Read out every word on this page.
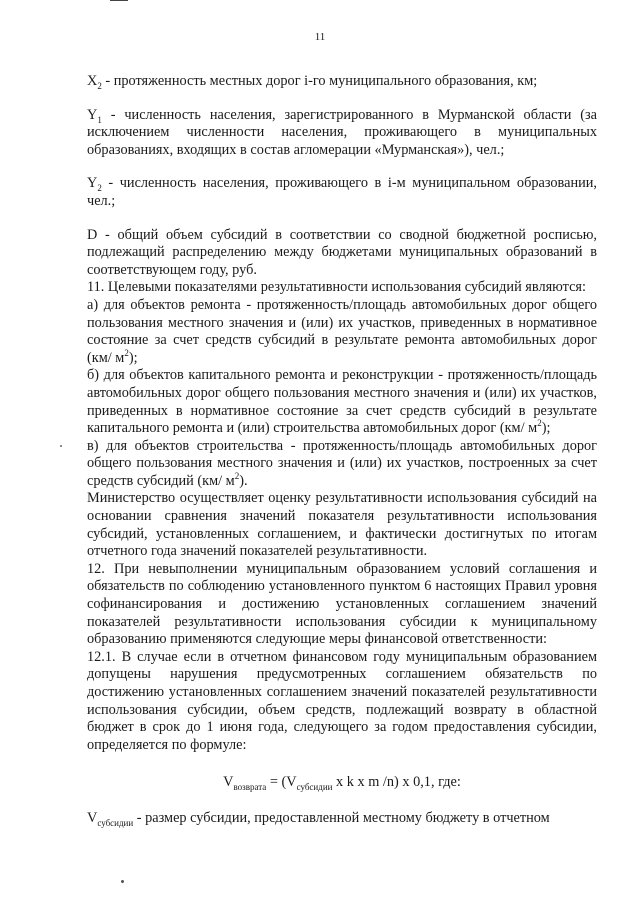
11

$X_2$ - протяженность местных дорог i-го муниципального образования, км;

$Y_1$ - численность населения, зарегистрированного в Мурманской области (за исключением численности населения, проживающего в муниципальных образованиях, входящих в состав агломерации «Мурманская»), чел.;

$Y_2$ - численность населения, проживающего в i-м муниципальном образовании, чел.;

D - общий объем субсидий в соответствии со сводной бюджетной росписью, подлежащий распределению между бюджетами муниципальных образований в соответствующем году, руб.

11. Целевыми показателями результативности использования субсидий являются:

а) для объектов ремонта - протяженность/площадь автомобильных дорог общего пользования местного значения и (или) их участков, приведенных в нормативное состояние за счет средств субсидий в результате ремонта автомобильных дорог (км/ $м^2$);

б) для объектов капитального ремонта и реконструкции - протяженность/площадь автомобильных дорог общего пользования местного значения и (или) их участков, приведенных в нормативное состояние за счет средств субсидий в результате капитального ремонта и (или) строительства автомобильных дорог (км/ $м^2$);

в) для объектов строительства - протяженность/площадь автомобильных дорог общего пользования местного значения и (или) их участков, построенных за счет средств субсидий (км/ $м^2$).

Министерство осуществляет оценку результативности использования субсидий на основании сравнения значений показателя результативности использования субсидий, установленных соглашением, и фактически достигнутых по итогам отчетного года значений показателей результативности.

12. При невыполнении муниципальным образованием условий соглашения и обязательств по соблюдению установленного пунктом 6 настоящих Правил уровня софинансирования и достижению установленных соглашением значений показателей результативности использования субсидии к муниципальному образованию применяются следующие меры финансовой ответственности:

12.1. В случае если в отчетном финансовом году муниципальным образованием допущены нарушения предусмотренных соглашением обязательств по достижению установленных соглашением значений показателей результативности использования субсидии, объем средств, подлежащий возврату в областной бюджет в срок до 1 июня года, следующего за годом предоставления субсидии, определяется по формуле:

$V_{возврата} = (V_{субсидии}$ x k x m /n) x 0,1, где:

$V_{субсидии}$ - размер субсидии, предоставленной местному бюджету в отчетном
